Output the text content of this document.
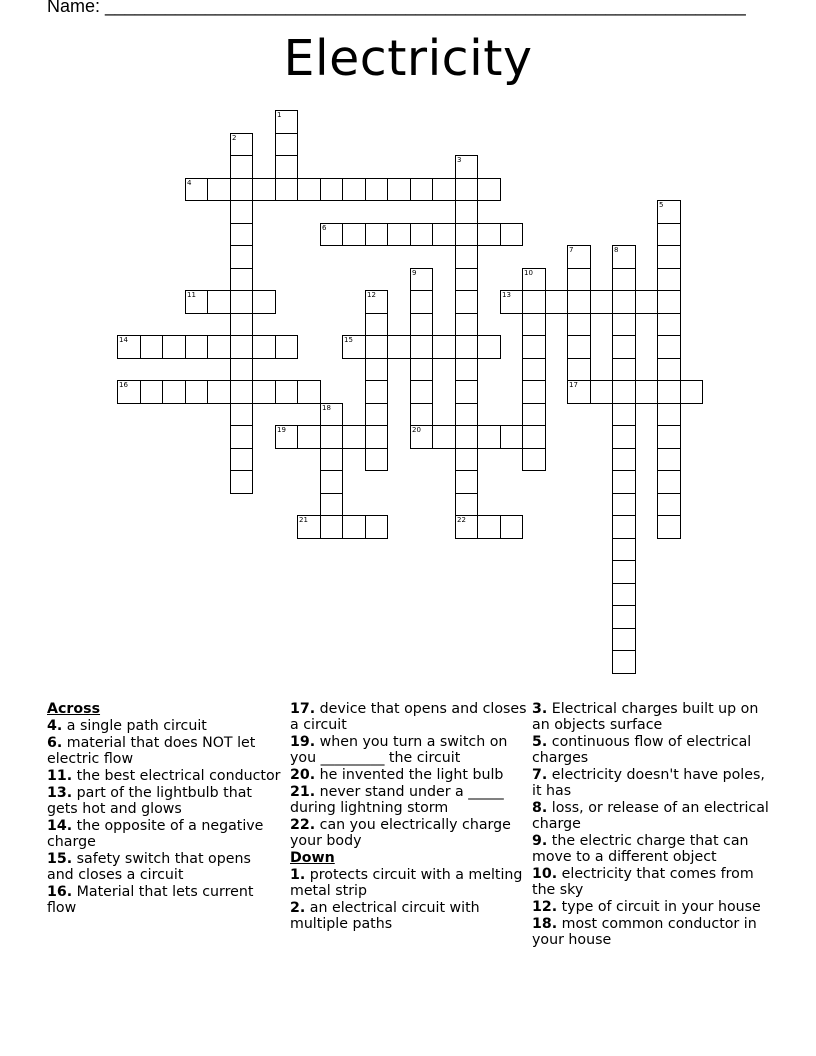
Name: ________________________________________________________________
Electricity
1
2
3
4
5
6
7	8
9	10
11	12	13
14	15
16	17
18
19	20
21	22
Across
4. a single path circuit
6. material that does NOT let electric flow
11. the best electrical conductor
13. part of the lightbulb that gets hot and glows
14. the opposite of a negative charge
15. safety switch that opens and closes a circuit
16. Material that lets current flow
17. device that opens and closes a circuit
19. when you turn a switch on you _________ the circuit
20. he invented the light bulb
21. never stand under a _____ during lightning storm
22. can you electrically charge your body
Down
1. protects circuit with a melting metal strip
2. an electrical circuit with multiple paths
3. Electrical charges built up on an objects surface
5. continuous flow of electrical charges
7. electricity doesn't have poles, it has
8. loss, or release of an electrical charge
9. the electric charge that can move to a different object
10. electricity that comes from the sky
12. type of circuit in your house
18. most common conductor in your house
